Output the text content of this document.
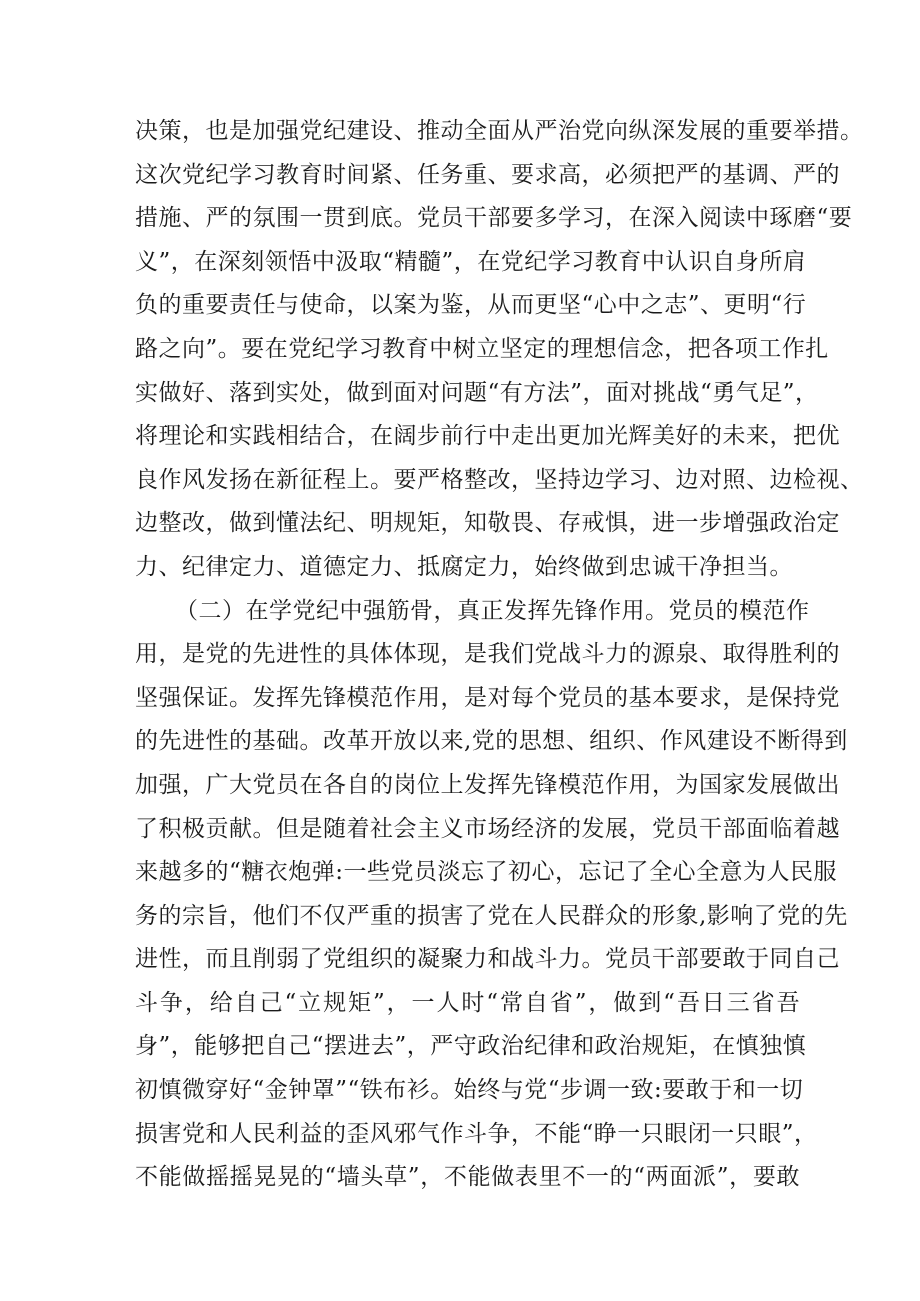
决策，也是加强党纪建设、推动全面从严治党向纵深发展的重要举措。
这次党纪学习教育时间紧、任务重、要求高，必须把严的基调、严的
措施、严的氛围一贯到底。党员干部要多学习，在深入阅读中琢磨“要
义”，在深刻领悟中汲取“精髓”，在党纪学习教育中认识自身所肩
负的重要责任与使命，以案为鉴，从而更坚“心中之志”、更明“行
路之向”。要在党纪学习教育中树立坚定的理想信念，把各项工作扎
实做好、落到实处，做到面对问题“有方法”，面对挑战“勇气足”，
将理论和实践相结合，在阔步前行中走出更加光辉美好的未来，把优
良作风发扬在新征程上。要严格整改，坚持边学习、边对照、边检视、
边整改，做到懂法纪、明规矩，知敬畏、存戒惧，进一步增强政治定
力、纪律定力、道德定力、抵腐定力，始终做到忠诚干净担当。
（二）在学党纪中强筋骨，真正发挥先锋作用。党员的模范作
用，是党的先进性的具体体现，是我们党战斗力的源泉、取得胜利的
坚强保证。发挥先锋模范作用，是对每个党员的基本要求，是保持党
的先进性的基础。改革开放以来,党的思想、组织、作风建设不断得到
加强，广大党员在各自的岗位上发挥先锋模范作用，为国家发展做出
了积极贡献。但是随着社会主义市场经济的发展，党员干部面临着越
来越多的“糖衣炮弹:一些党员淡忘了初心，忘记了全心全意为人民服
务的宗旨，他们不仅严重的损害了党在人民群众的形象,影响了党的先
进性，而且削弱了党组织的凝聚力和战斗力。党员干部要敢于同自己
斗争，给自己“立规矩”，一人时“常自省”，做到“吾日三省吾
身”，能够把自己“摆进去”，严守政治纪律和政治规矩，在慎独慎
初慎微穿好“金钟罩”“铁布衫。始终与党“步调一致:要敢于和一切
损害党和人民利益的歪风邪气作斗争，不能“睁一只眼闭一只眼”，
不能做摇摇晃晃的“墙头草”，不能做表里不一的“两面派”，要敢
